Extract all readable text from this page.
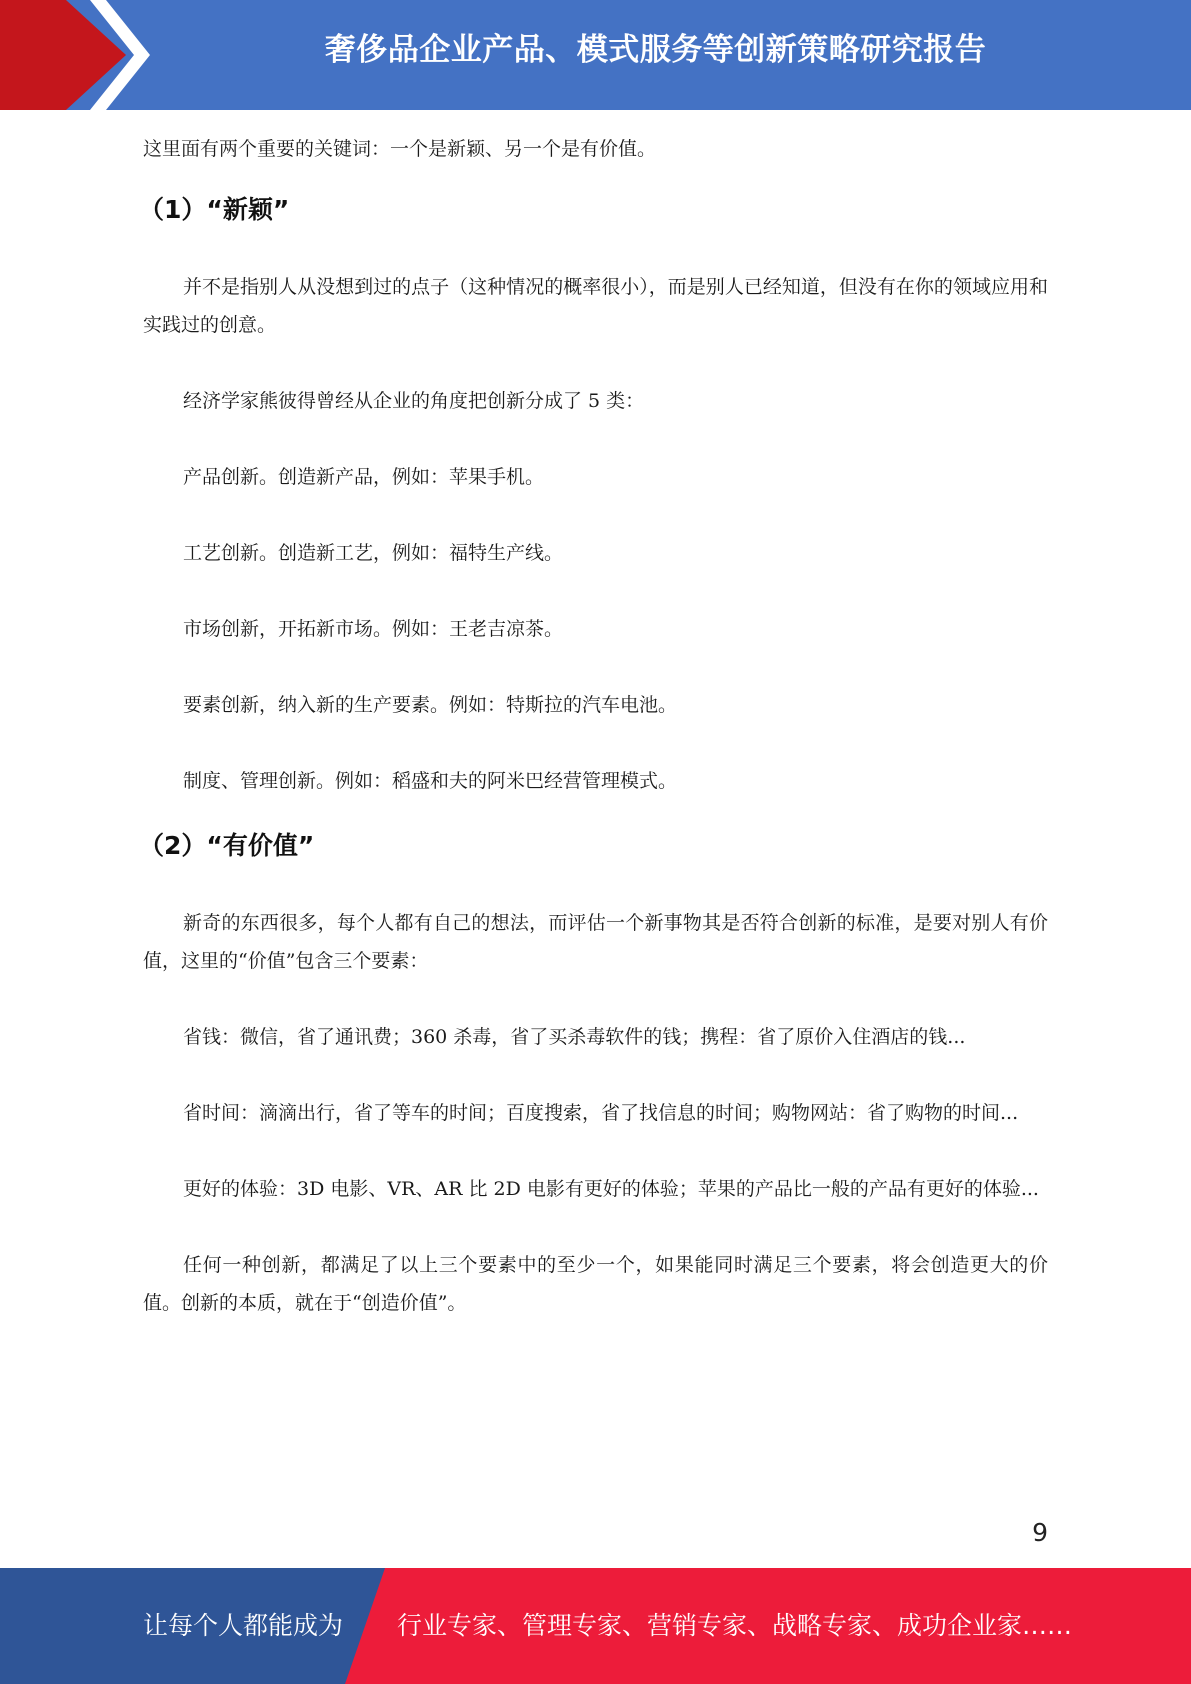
奢侈品企业产品、模式服务等创新策略研究报告

这里面有两个重要的关键词：一个是新颖、另一个是有价值。

（1）“新颖”

并不是指别人从没想到过的点子（这种情况的概率很小），而是别人已经知道，但没有在你的领域应用和实践过的创意。

经济学家熊彼得曾经从企业的角度把创新分成了 5 类：

产品创新。创造新产品，例如：苹果手机。

工艺创新。创造新工艺，例如：福特生产线。

市场创新，开拓新市场。例如：王老吉凉茶。

要素创新，纳入新的生产要素。例如：特斯拉的汽车电池。

制度、管理创新。例如：稻盛和夫的阿米巴经营管理模式。

（2）“有价值”

新奇的东西很多，每个人都有自己的想法，而评估一个新事物其是否符合创新的标准，是要对别人有价值，这里的“价值”包含三个要素：

省钱：微信，省了通讯费；360 杀毒，省了买杀毒软件的钱；携程：省了原价入住酒店的钱...

省时间：滴滴出行，省了等车的时间；百度搜索，省了找信息的时间；购物网站：省了购物的时间...

更好的体验：3D 电影、VR、AR 比 2D 电影有更好的体验；苹果的产品比一般的产品有更好的体验...

任何一种创新，都满足了以上三个要素中的至少一个，如果能同时满足三个要素，将会创造更大的价值。创新的本质，就在于“创造价值”。

9
让每个人都能成为 行业专家、管理专家、营销专家、战略专家、成功企业家……
